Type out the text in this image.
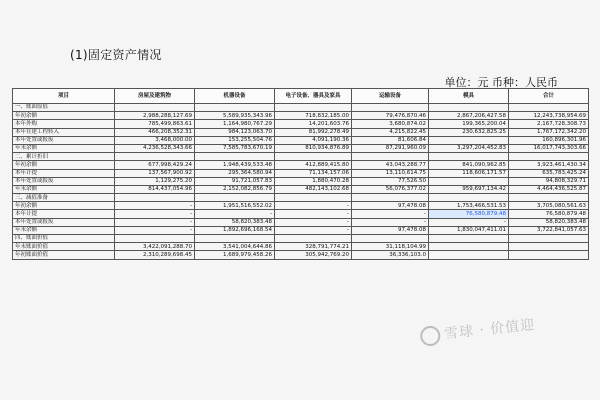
(1)固定资产情况
单位：元 币种：人民币
项目	房屋及建筑物	机器设备	电子设备、器具及家具	运输设备	模具	合计
一、账面原值						
年初余额	2,988,288,127.69	5,589,935,343.96	718,832,185.00	79,476,870.46	2,867,206,427.58	12,243,738,954.69
本年外购	785,499,863.61	1,164,980,767.29	14,201,603.76	3,680,874.02	199,365,200.04	2,167,728,308.73
本年在建工程转入	466,208,352.31	984,123,063.70	81,992,278.49	4,215,822.45	230,632,825.25	1,767,172,342.20
本年处置或报废	3,468,000.00	153,255,504.76	4,091,190.36	81,606.84		160,896,301.96
年末余额	4,236,528,343.66	7,585,783,670.19	810,934,876.89	87,291,960.09	3,297,204,452.83	16,017,743,303.66
二、累计折旧						
年初余额	677,998,429.24	1,948,439,533.48	412,889,415.80	43,043,288.77	841,090,962.85	3,923,461,430.34
本年计提	137,567,900.92	295,364,580.94	71,134,157.06	13,110,614.75	118,606,171.57	635,783,425.24
本年处置或报废	1,129,275.20	91,721,057.83	1,880,470.28	77,526.50		94,808,329.71
年末余额	814,437,054.96	2,152,082,856.79	482,143,102.68	56,076,377.02	959,697,134.42	4,464,436,525.87
三、减值准备						
年初余额	-	1,951,516,552.02	-	97,478.08	1,753,466,531.53	3,705,080,561.63
本年计提	-	-	-	-	76,580,879.48	76,580,879.48
本年处置或报废	-	58,820,383.48	-	-	-	58,820,383.48
年末余额	-	1,892,696,168.54	-	97,478.08	1,830,047,411.01	3,722,841,057.63
四、账面价值						
年末账面价值	3,422,091,288.70	3,541,004,644.86	328,791,774.21	31,118,104.99		
年初账面价值	2,310,289,698.45	1,689,979,458.26	305,942,769.20	36,336,103.0		
雪球 · 价值迎
